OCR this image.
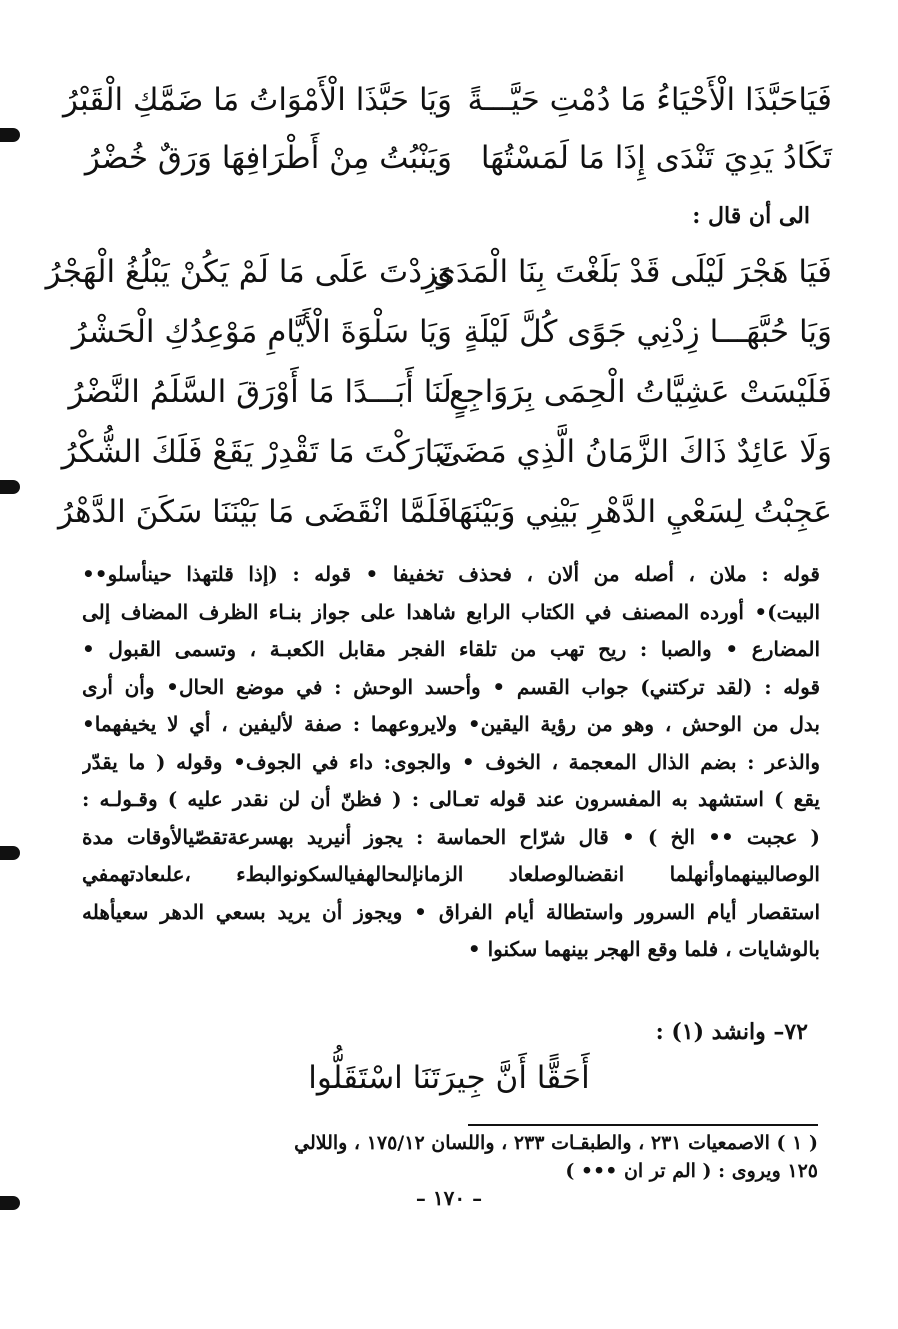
فَيَاحَبَّذَا الْأَحْيَاءُ مَا دُمْتِ حَيَّـــةً
وَيَا حَبَّذَا الْأَمْوَاتُ مَا ضَمَّكِ الْقَبْرُ
تَكَادُ يَدِيَ تَنْدَى إِذَا مَا لَمَسْتُهَا
وَيَنْبُتُ مِنْ أَطْرَافِهَا وَرَقٌ خُضْرُ
الى أن قال :
فَيَا هَجْرَ لَيْلَى قَدْ بَلَغْتَ بِنَا الْمَدَى
وَزِدْتَ عَلَى مَا لَمْ يَكُنْ يَبْلُغُ الْهَجْرُ
وَيَا حُبَّهَـــا زِدْنِي جَوًى كُلَّ لَيْلَةٍ
وَيَا سَلْوَةَ الْأَيَّامِ مَوْعِدُكِ الْحَشْرُ
فَلَيْسَتْ عَشِيَّاتُ الْحِمَى بِرَوَاجِعٍ
لَنَا أَبَـــدًا مَا أَوْرَقَ السَّلَمُ النَّضْرُ
وَلَا عَائِدٌ ذَاكَ الزَّمَانُ الَّذِي مَضَى
تَبَارَكْتَ مَا تَقْدِرْ يَقَعْ فَلَكَ الشُّكْرُ
عَجِبْتُ لِسَعْيِ الدَّهْرِ بَيْنِي وَبَيْنَهَا
فَلَمَّا انْقَضَى مَا بَيْنَنَا سَكَنَ الدَّهْرُ
قوله : ملان ، أصله من ألان ، فحذف تخفيفا • قوله : (إذا قلتهذا حينأسلو••
البيت)• أورده المصنف في الكتاب الرابع شاهدا على جواز بنـاء الظرف المضاف إلى
المضارع • والصبا : ريح تهب من تلقاء الفجر مقابل الكعبـة ، وتسمى القبول •
قوله : (لقد تركتني) جواب القسم • وأحسد الوحش : في موضع الحال• وأن أرى
بدل من الوحش ، وهو من رؤية اليقين• ولايروعهما : صفة لأليفين ، أي لا يخيفهما•
والذعر : بضم الذال المعجمة ، الخوف • والجوى: داء في الجوف• وقوله ( ما يقدّر
يقع ) استشهد به المفسرون عند قوله تعـالى : ( فظنّ أن لن نقدر عليه ) وقـولـه :
( عجبت •• الخ ) • قال شرّاح الحماسة : يجوز أنيريد بهسرعةتقصّيالأوقات مدة
الوصالبينهماوأنهلما انقضىالوصلعاد الزمانإلىحالهفيالسكونوالبطء ،علىعادتهمفي
استقصار أيام السرور واستطالة أيام الفراق • ويجوز أن يريد بسعي الدهر سعيأهله
بالوشايات ، فلما وقع الهجر بينهما سكنوا •
٧٢– وانشد (١) :
أَحَقًّا أَنَّ جِيرَتَنَا اسْتَقَلُّوا
( ١ ) الاصمعيات ٢٣١ ، والطبقـات ٢٣٣ ، واللسان ١٧٥/١٢ ، واللالي
١٢٥ ويروى : ( الم تر ان ••• )
– ١٧٠ –
